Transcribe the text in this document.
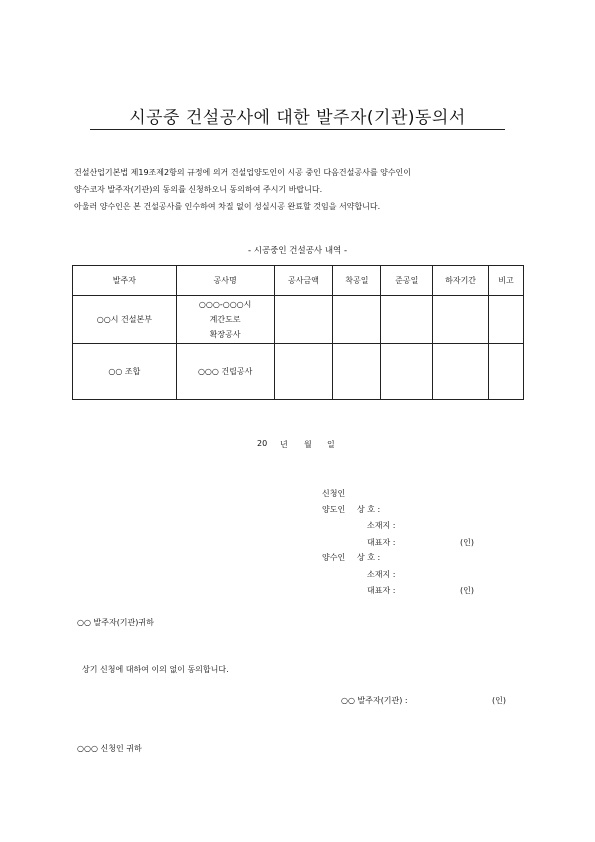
시공중 건설공사에 대한 발주자(기관)동의서
건설산업기본법 제19조제2항의 규정에 의거 건설업양도인이 시공 중인 다음건설공사를 양수인이
양수코자 발주자(기관)의 동의를 신청하오니 동의하여 주시기 바랍니다.
아울러 양수인은 본 건설공사를 인수하여 차질 없이 성실시공 완료할 것임을 서약합니다.
- 시공중인 건설공사 내역 -
발주자	공사명	공사금액	착공일	준공일	하자기간	비고
○○시 건설본부	○○○-○○○시
계간도로
확장공사					

○○ 조합	○○○ 건립공사					
20 년 월 일
신청인
양도인 상 호 :
소재지 :
대표자 :	(인)
양수인 상 호 :
소재지 :
대표자 :	(인)
○○ 발주자(기관)귀하
상기 신청에 대하여 이의 없이 동의합니다.
○○ 발주자(기관) :	(인)
○○○ 신청인 귀하
